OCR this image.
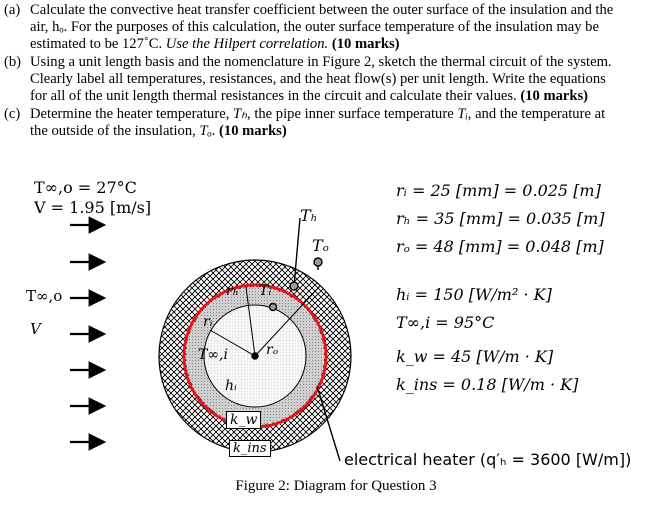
(a) Calculate the convective heat transfer coefficient between the outer surface of the insulation and the
air, hₒ. For the purposes of this calculation, the outer surface temperature of the insulation may be
estimated to be 127˚C. Use the Hilpert correlation. (10 marks)
(b) Using a unit length basis and the nomenclature in Figure 2, sketch the thermal circuit of the system.
Clearly label all temperatures, resistances, and the heat flow(s) per unit length. Write the equations
for all of the unit length thermal resistances in the circuit and calculate their values. (10 marks)
(c) Determine the heater temperature, Tₕ, the pipe inner surface temperature Tᵢ, and the temperature at
the outside of the insulation, Tₒ. (10 marks)
T∞,o = 27°C
V = 1.95 [m/s]
T∞,o
V
Tₕ
Tₒ
rₕ Tᵢ
rᵢ
rₒ
T∞,i
hᵢ
k_w
k_ins
electrical heater (q′ₕ = 3600 [W/m])
rᵢ = 25 [mm] = 0.025 [m]
rₕ = 35 [mm] = 0.035 [m]
rₒ = 48 [mm] = 0.048 [m]
hᵢ = 150 [W/m² · K]
T∞,i = 95°C
k_w = 45 [W/m · K]
k_ins = 0.18 [W/m · K]
Figure 2: Diagram for Question 3
